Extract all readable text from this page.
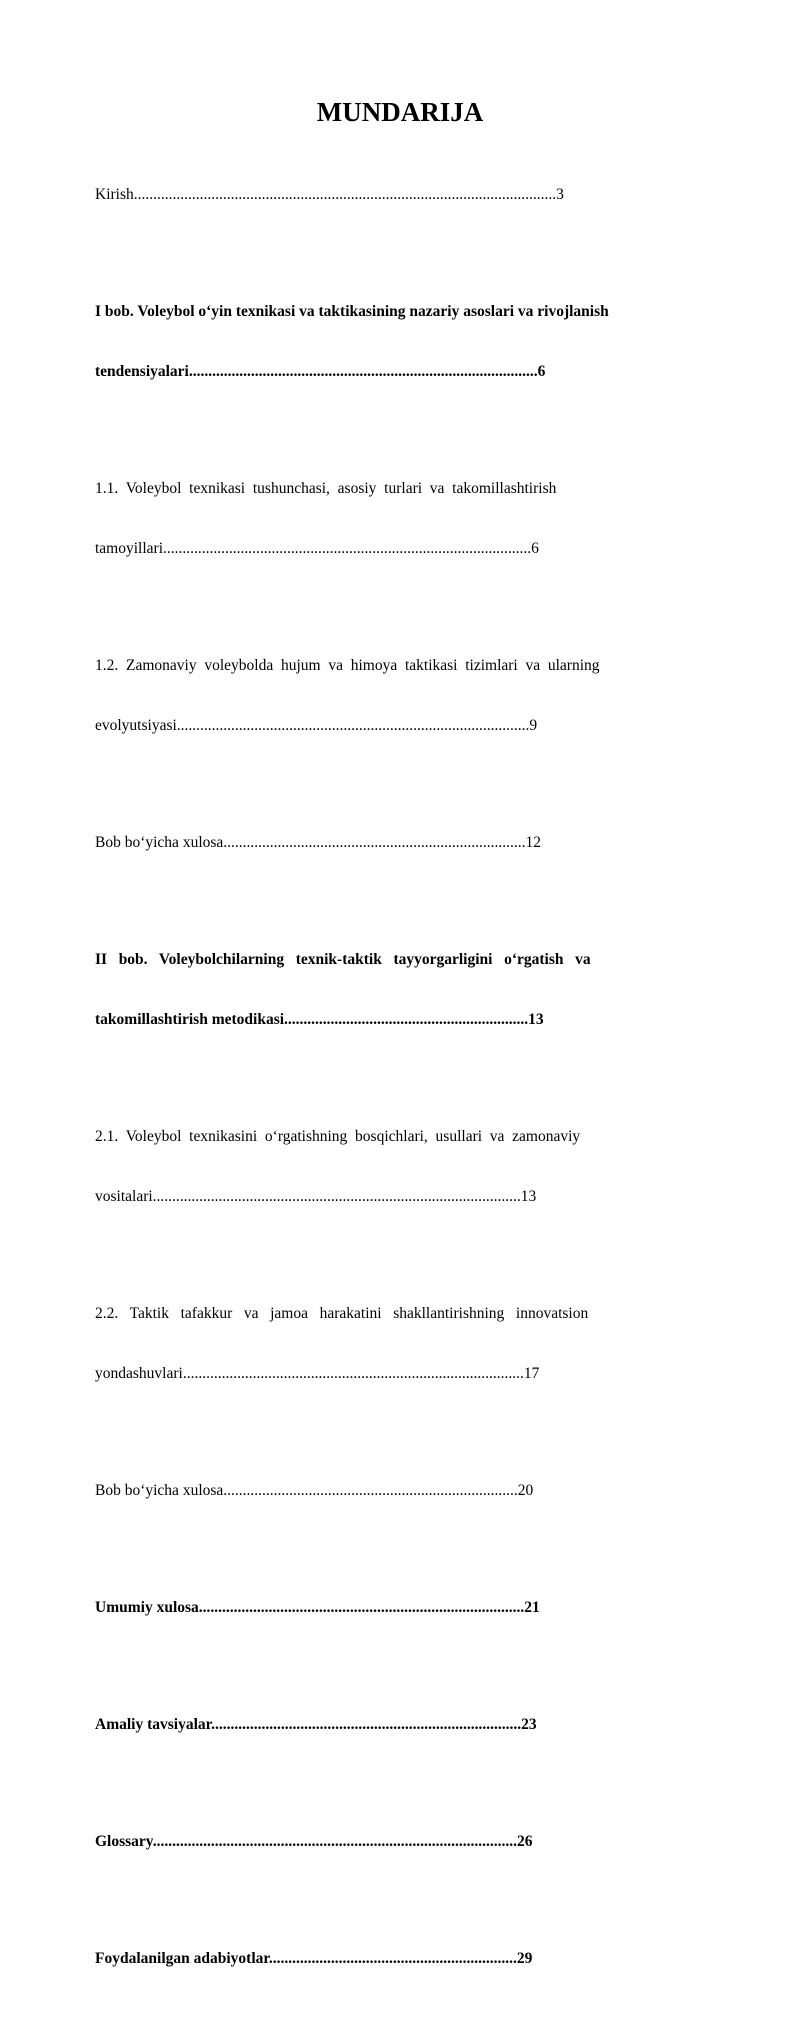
MUNDARIJA

Kirish.............................................................................................................3

I bob. Voleybol o‘yin texnikasi va taktikasining nazariy asoslari va rivojlanish

tendensiyalari..........................................................................................6

1.1.  Voleybol  texnikasi  tushunchasi,  asosiy  turlari  va  takomillashtirish

tamoyillari...............................................................................................6

1.2.  Zamonaviy  voleybolda  hujum  va  himoya  taktikasi  tizimlari  va  ularning

evolyutsiyasi...........................................................................................9

Bob bo‘yicha xulosa..............................................................................12

II   bob.   Voleybolchilarning   texnik-taktik   tayyorgarligini   o‘rgatish   va

takomillashtirish metodikasi...............................................................13

2.1.  Voleybol  texnikasini  o‘rgatishning  bosqichlari,  usullari  va  zamonaviy

vositalari...............................................................................................13

2.2.   Taktik   tafakkur   va   jamoa   harakatini   shakllantirishning   innovatsion

yondashuvlari........................................................................................17

Bob bo‘yicha xulosa............................................................................20

Umumiy xulosa....................................................................................21

Amaliy tavsiyalar................................................................................23

Glossary..............................................................................................26

Foydalanilgan adabiyotlar................................................................29
